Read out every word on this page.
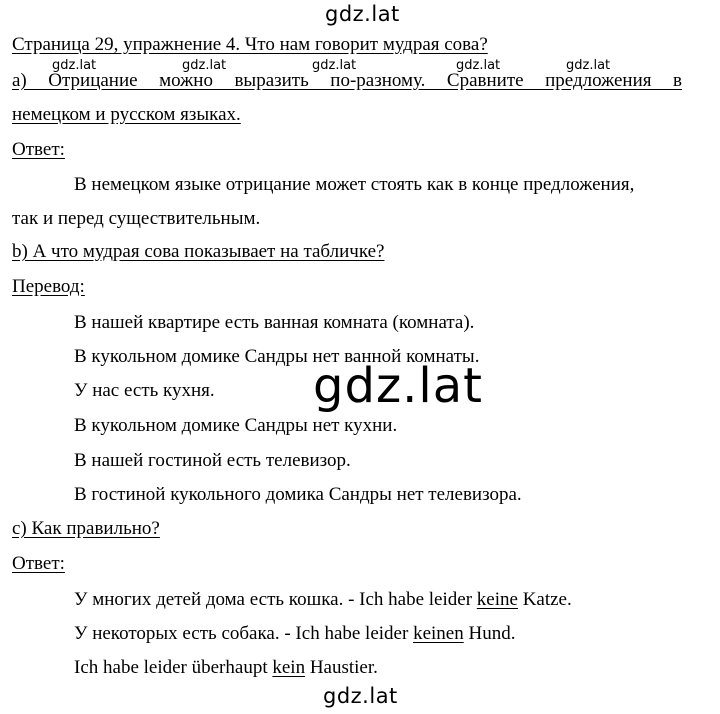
gdz.lat
gdz.lat	gdz.lat	gdz.lat	gdz.lat	gdz.lat
Страница 29, упражнение 4. Что нам говорит мудрая сова?
a) Отрицание можно выразить по-разному. Сравните предложения в
немецком и русском языках.
Ответ:
В немецком языке отрицание может стоять как в конце предложения,
так и перед существительным.
b) А что мудрая сова показывает на табличке?
Перевод:
В нашей квартире есть ванная комната (комната).
В кукольном домике Сандры нет ванной комнаты.
У нас есть кухня.
В кукольном домике Сандры нет кухни.
В нашей гостиной есть телевизор.
В гостиной кукольного домика Сандры нет телевизора.
c) Как правильно?
Ответ:
У многих детей дома есть кошка. - Ich habe leider keine Katze.
У некоторых есть собака. - Ich habe leider keinen Hund.
Ich habe leider überhaupt kein Haustier.
gdz.lat
gdz.lat
